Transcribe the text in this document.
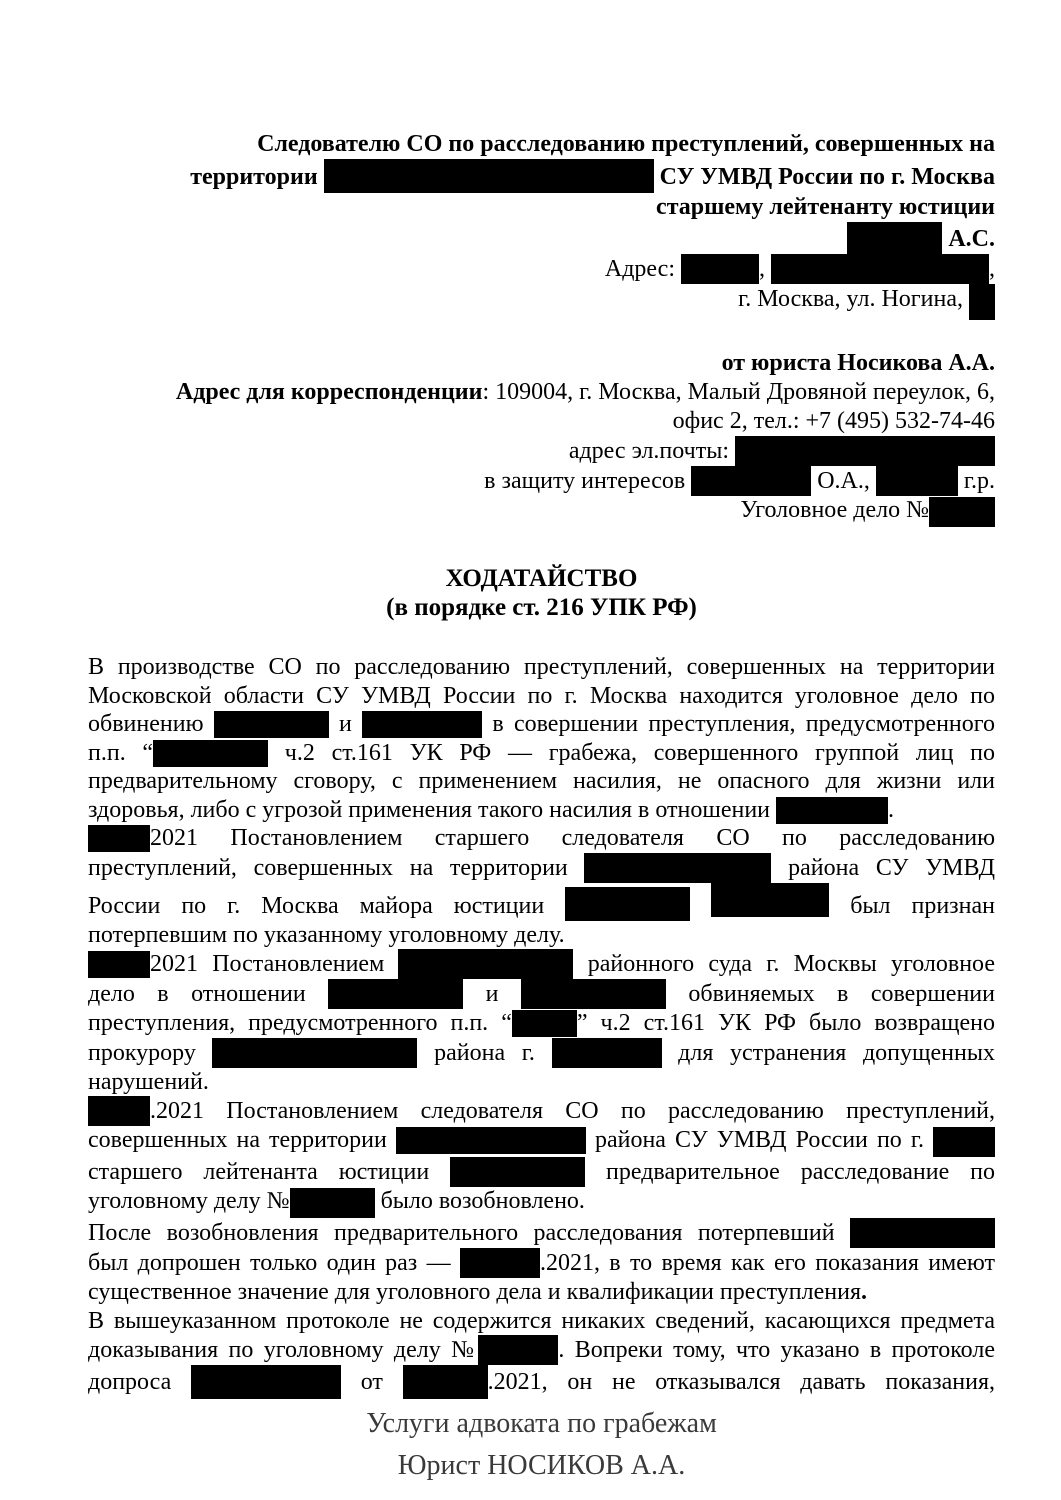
Следователю СО по расследованию преступлений, совершенных на
территории	СУ УМВД России по г. Москва
старшему лейтенанту юстиции
А.С.
Адрес:	,	,
г. Москва, ул. Ногина,

от юриста Носикова А.А.
Адрес для корреспонденции: 109004, г. Москва, Малый Дровяной переулок, 6,
офис 2, тел.: +7 (495) 532-74-46
адрес эл.почты:
в защиту интересов	О.А.,	г.р.
Уголовное дело №
ХОДАТАЙСТВО
(в порядке ст. 216 УПК РФ)
В производстве СО по расследованию преступлений, совершенных на территории
Московской области СУ УМВД России по г. Москва находится уголовное дело по
обвинению	и	в совершении преступления, предусмотренного
п.п. “	ч.2 ст.161 УК РФ — грабежа, совершенного группой лиц по
предварительному сговору, с применением насилия, не опасного для жизни или
здоровья, либо с угрозой применения такого насилия в отношении	.
2021 Постановлением старшего следователя СО по расследованию
преступлений, совершенных на территории	района СУ УМВД
России по г. Москва майора юстиции	был признан
потерпевшим по указанному уголовному делу.
2021 Постановлением	районного суда г. Москвы уголовное
дело в отношении	и	обвиняемых в совершении
преступления, предусмотренного п.п. “	” ч.2 ст.161 УК РФ было возвращено
прокурору	района г.	для устранения допущенных
нарушений.
.2021 Постановлением следователя СО по расследованию преступлений,
совершенных на территории	района СУ УМВД России по г.
старшего лейтенанта юстиции	предварительное расследование по
уголовному делу №	было возобновлено.
После возобновления предварительного расследования потерпевший
был допрошен только один раз —	.2021, в то время как его показания имеют
существенное значение для уголовного дела и квалификации преступления.
В вышеуказанном протоколе не содержится никаких сведений, касающихся предмета
доказывания по уголовному делу №	. Вопреки тому, что указано в протоколе
допроса	от	.2021, он не отказывался давать показания,
Услуги адвоката по грабежам
Юрист НОСИКОВ А.А.
